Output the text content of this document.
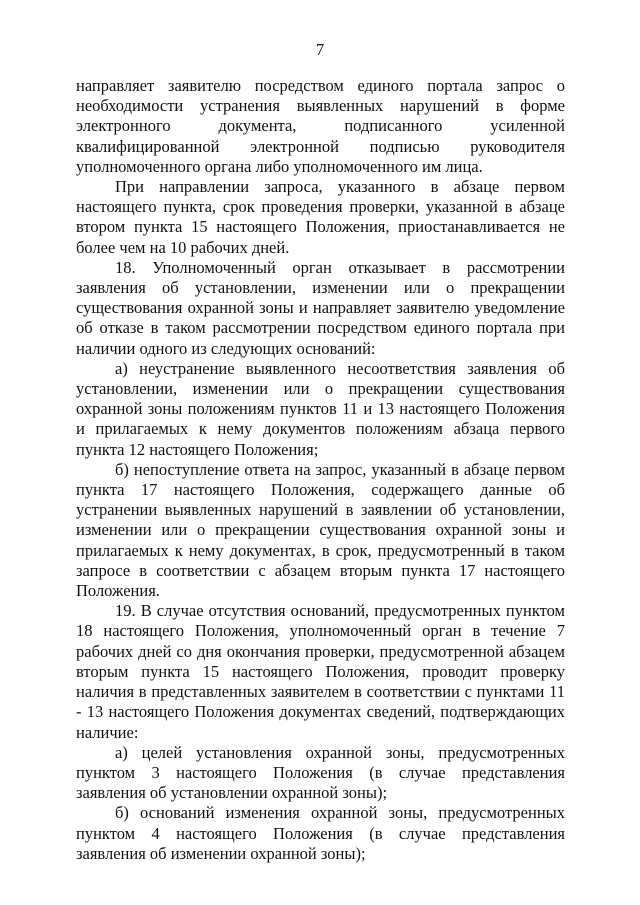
7

направляет заявителю посредством единого портала запрос о необходимости устранения выявленных нарушений в форме электронного документа, подписанного усиленной квалифицированной электронной подписью руководителя уполномоченного органа либо уполномоченного им лица.

При направлении запроса, указанного в абзаце первом настоящего пункта, срок проведения проверки, указанной в абзаце втором пункта 15 настоящего Положения, приостанавливается не более чем на 10 рабочих дней.

18. Уполномоченный орган отказывает в рассмотрении заявления об установлении, изменении или о прекращении существования охранной зоны и направляет заявителю уведомление об отказе в таком рассмотрении посредством единого портала при наличии одного из следующих оснований:

а) неустранение выявленного несоответствия заявления об установлении, изменении или о прекращении существования охранной зоны положениям пунктов 11 и 13 настоящего Положения и прилагаемых к нему документов положениям абзаца первого пункта 12 настоящего Положения;

б) непоступление ответа на запрос, указанный в абзаце первом пункта 17 настоящего Положения, содержащего данные об устранении выявленных нарушений в заявлении об установлении, изменении или о прекращении существования охранной зоны и прилагаемых к нему документах, в срок, предусмотренный в таком запросе в соответствии с абзацем вторым пункта 17 настоящего Положения.

19. В случае отсутствия оснований, предусмотренных пунктом 18 настоящего Положения, уполномоченный орган в течение 7 рабочих дней со дня окончания проверки, предусмотренной абзацем вторым пункта 15 настоящего Положения, проводит проверку наличия в представленных заявителем в соответствии с пунктами 11 - 13 настоящего Положения документах сведений, подтверждающих наличие:

а) целей установления охранной зоны, предусмотренных пунктом 3 настоящего Положения (в случае представления заявления об установлении охранной зоны);

б) оснований изменения охранной зоны, предусмотренных пунктом 4 настоящего Положения (в случае представления заявления об изменении охранной зоны);
